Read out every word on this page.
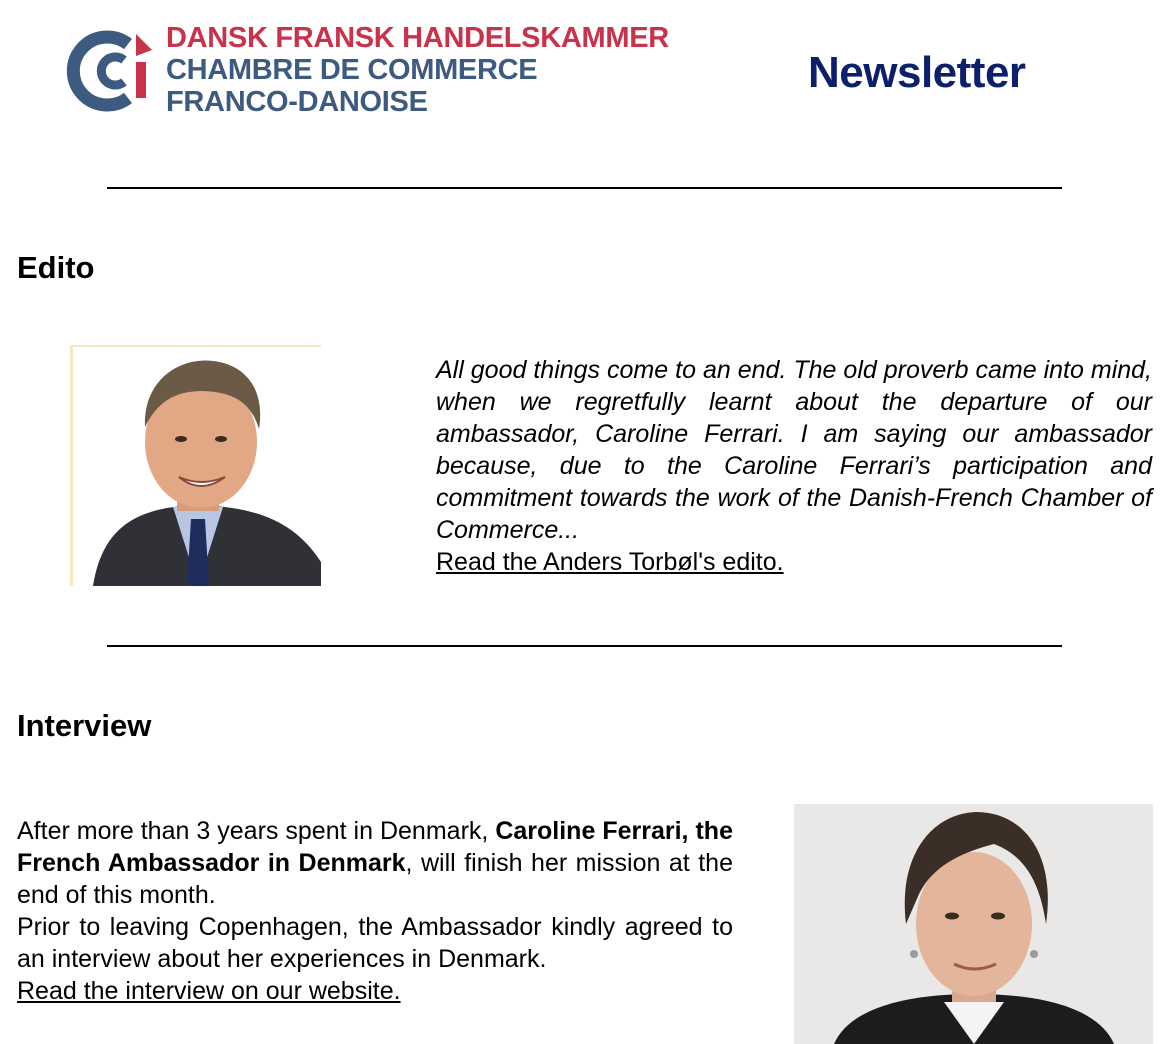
DANSK FRANSK HANDELSKAMMER
CHAMBRE DE COMMERCE
FRANCO-DANOISE
Newsletter
Edito
All good things come to an end. The old proverb came into mind, when we regretfully learnt about the departure of our ambassador, Caroline Ferrari. I am saying our ambassador because, due to the Caroline Ferrari’s participation and commitment towards the work of the Danish-French Chamber of Commerce...
Read the Anders Torbøl's edito.
Interview

After more than 3 years spent in Denmark, Caroline Ferrari, the French Ambassador in Denmark, will finish her mission at the end of this month.

Prior to leaving Copenhagen, the Ambassador kindly agreed to an interview about her experiences in Denmark.

Read the interview on our website.
